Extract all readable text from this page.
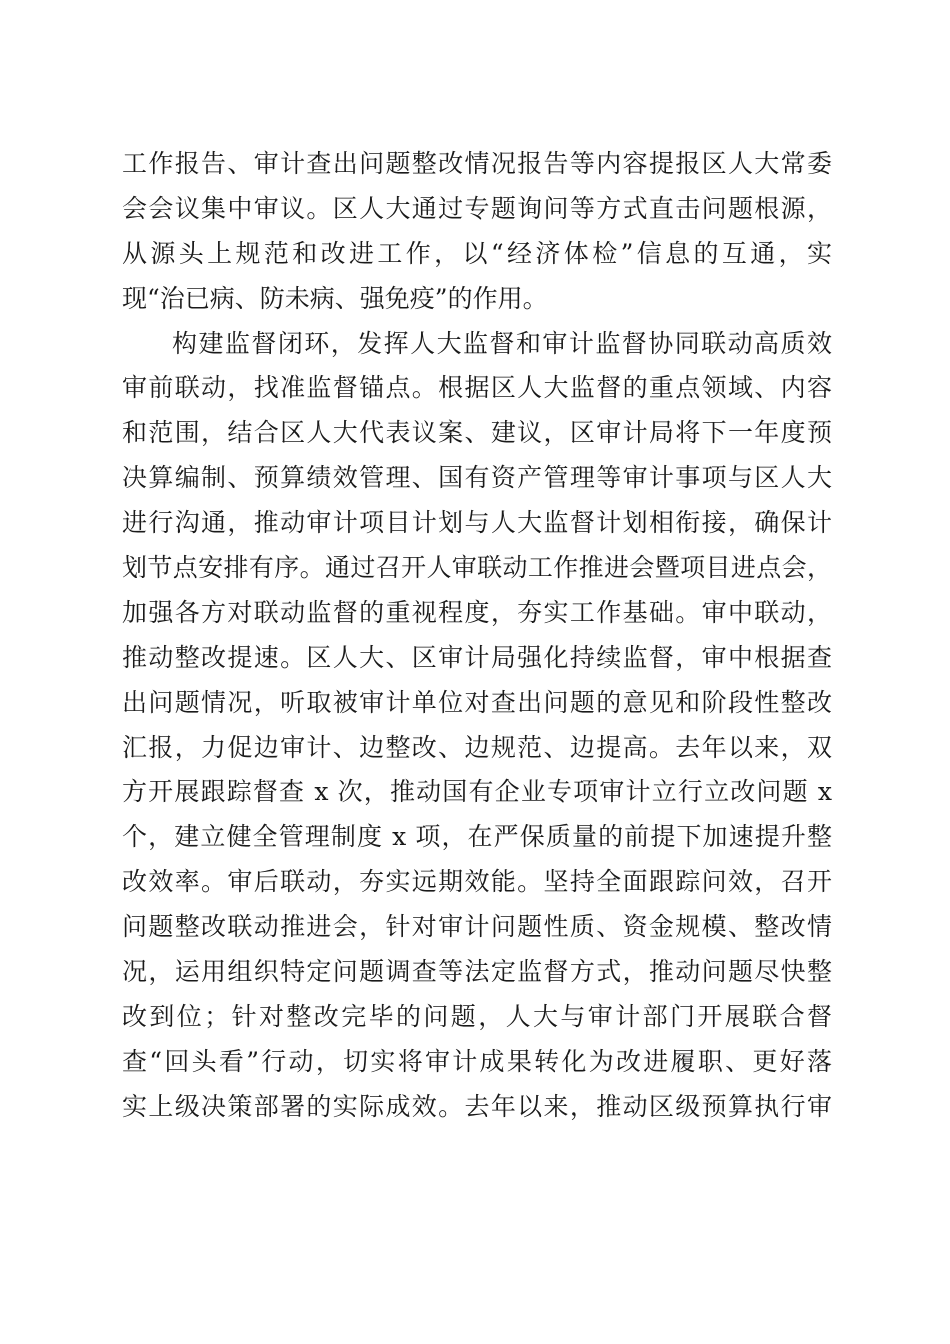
工作报告、审计查出问题整改情况报告等内容提报区人大常委
会会议集中审议。区人大通过专题询问等方式直击问题根源，
从源头上规范和改进工作，以“经济体检”信息的互通，实
现“治已病、防未病、强免疫”的作用。
构建监督闭环，发挥人大监督和审计监督协同联动高质效
审前联动，找准监督锚点。根据区人大监督的重点领域、内容
和范围，结合区人大代表议案、建议，区审计局将下一年度预
决算编制、预算绩效管理、国有资产管理等审计事项与区人大
进行沟通，推动审计项目计划与人大监督计划相衔接，确保计
划节点安排有序。通过召开人审联动工作推进会暨项目进点会，
加强各方对联动监督的重视程度，夯实工作基础。审中联动，
推动整改提速。区人大、区审计局强化持续监督，审中根据查
出问题情况，听取被审计单位对查出问题的意见和阶段性整改
汇报，力促边审计、边整改、边规范、边提高。去年以来，双
方开展跟踪督查 x 次，推动国有企业专项审计立行立改问题 x
个，建立健全管理制度 x 项，在严保质量的前提下加速提升整
改效率。审后联动，夯实远期效能。坚持全面跟踪问效，召开
问题整改联动推进会，针对审计问题性质、资金规模、整改情
况，运用组织特定问题调查等法定监督方式，推动问题尽快整
改到位；针对整改完毕的问题，人大与审计部门开展联合督
查“回头看”行动，切实将审计成果转化为改进履职、更好落
实上级决策部署的实际成效。去年以来，推动区级预算执行审
